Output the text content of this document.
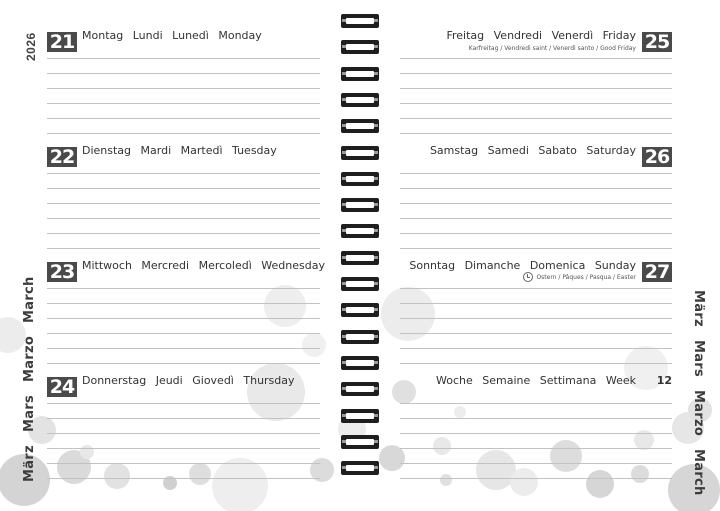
2026
März Mars Marzo March	März Mars Marzo March
21 Montag Lundi Lunedì Monday
22 Dienstag Mardi Martedì Tuesday
23 Mittwoch Mercredi Mercoledì Wednesday
24 Donnerstag Jeudi Giovedì Thursday
25
Freitag Vendredi Venerdì Friday
Karfreitag / Vendredi saint / Venerdì santo / Good Friday
26
Samstag Samedi Sabato Saturday
27
Sonntag Dimanche Domenica Sunday
Ostern / Pâques / Pasqua / Easter
Woche Semaine Settimana Week	12
